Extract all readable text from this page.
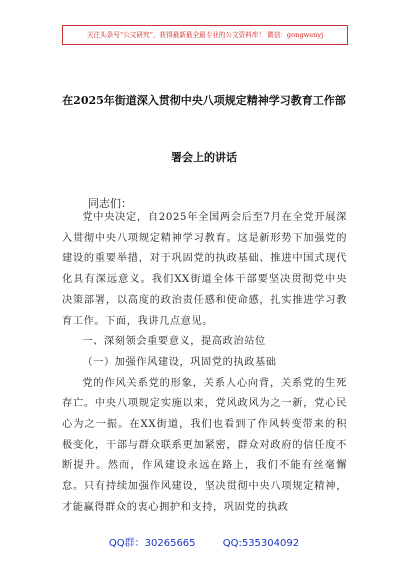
关注头条号“公文研究”，获得最新最全最专业的公文资料库！ 微信：gongwenyj
在2025年街道深入贯彻中央八项规定精神学习教育工作部
署会上的讲话
同志们：

党中央决定，自2025年全国两会后至7月在全党开展深入贯彻中央八项规定精神学习教育。这是新形势下加强党的建设的重要举措，对于巩固党的执政基础、推进中国式现代化具有深远意义。我们XX街道全体干部要坚决贯彻党中央决策部署，以高度的政治责任感和使命感，扎实推进学习教育工作。下面，我讲几点意见。

一、深刻领会重要意义，提高政治站位

（一）加强作风建设，巩固党的执政基础

党的作风关系党的形象，关系人心向背，关系党的生死存亡。中央八项规定实施以来，党风政风为之一新，党心民心为之一振。在XX街道，我们也看到了作风转变带来的积极变化，干部与群众联系更加紧密，群众对政府的信任度不断提升。然而，作风建设永远在路上，我们不能有丝毫懈怠。只有持续加强作风建设，坚决贯彻中央八项规定精神，才能赢得群众的衷心拥护和支持，巩固党的执政

QQ群：30265665	QQ:535304092
